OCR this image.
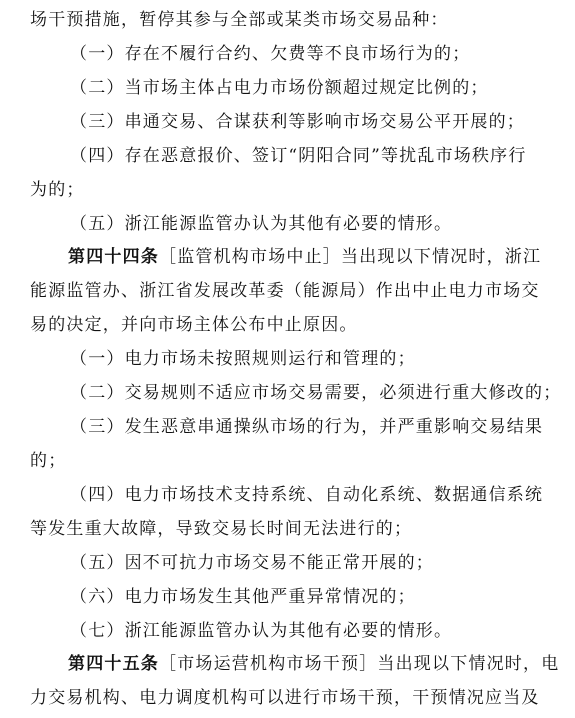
场干预措施，暂停其参与全部或某类市场交易品种：
（一）存在不履行合约、欠费等不良市场行为的；
（二）当市场主体占电力市场份额超过规定比例的；
（三）串通交易、合谋获利等影响市场交易公平开展的；
（四）存在恶意报价、签订“阴阳合同”等扰乱市场秩序行
为的；
（五）浙江能源监管办认为其他有必要的情形。
第四十四条［监管机构市场中止］当出现以下情况时，浙江
能源监管办、浙江省发展改革委（能源局）作出中止电力市场交
易的决定，并向市场主体公布中止原因。
（一）电力市场未按照规则运行和管理的；
（二）交易规则不适应市场交易需要，必须进行重大修改的；
（三）发生恶意串通操纵市场的行为，并严重影响交易结果
的；
（四）电力市场技术支持系统、自动化系统、数据通信系统
等发生重大故障，导致交易长时间无法进行的；
（五）因不可抗力市场交易不能正常开展的；
（六）电力市场发生其他严重异常情况的；
（七）浙江能源监管办认为其他有必要的情形。
第四十五条［市场运营机构市场干预］当出现以下情况时，电
力交易机构、电力调度机构可以进行市场干预，干预情况应当及
